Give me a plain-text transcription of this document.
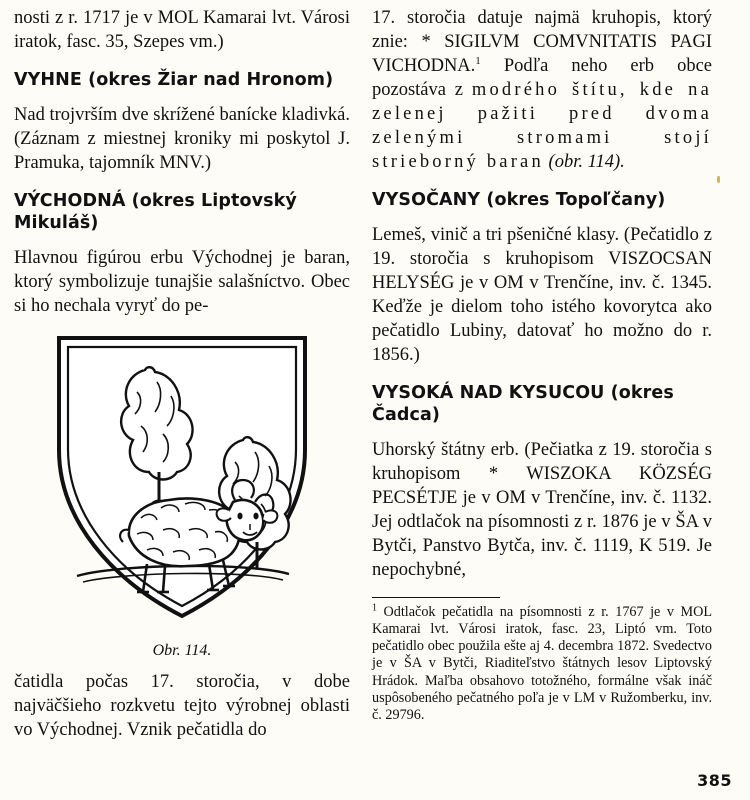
nosti z r. 1717 je v MOL Kamarai lvt. Városi iratok, fasc. 35, Szepes vm.)

VYHNE (okres Žiar nad Hronom)

Nad trojvrším dve skrížené banícke kladivká. (Záznam z miestnej kroniky mi poskytol J. Pramuka, tajomník MNV.)

VÝCHODNÁ (okres Liptovský Mikuláš)

Hlavnou figúrou erbu Východnej je baran, ktorý symbolizuje tunajšie salašníctvo. Obec si ho nechala vyryť do pe-

Obr. 114.

čatidla počas 17. storočia, v dobe najväčšieho rozkvetu tejto výrobnej oblasti vo Východnej. Vznik pečatidla do

17. storočia datuje najmä kruhopis, ktorý znie: * SIGILVM COMVNITATIS PAGI VICHODNA.$^1$ Podľa neho erb obce pozostáva z modrého štítu, kde na zelenej pažiti pred dvoma zelenými stromami stojí strieborný baran (obr. 114).

VYSOČANY (okres Topoľčany)

Lemeš, vinič a tri pšeničné klasy. (Pečatidlo z 19. storočia s kruhopisom VISZOCSAN HELYSÉG je v OM v Trenčíne, inv. č. 1345. Keďže je dielom toho istého kovorytca ako pečatidlo Lubiny, datovať ho možno do r. 1856.)

VYSOKÁ NAD KYSUCOU (okres Čadca)

Uhorský štátny erb. (Pečiatka z 19. storočia s kruhopisom * WISZOKA KÖZSÉG PECSÉTJE je v OM v Trenčíne, inv. č. 1132. Jej odtlačok na písomnosti z r. 1876 je v ŠA v Bytči, Panstvo Bytča, inv. č. 1119, K 519. Je nepochybné,

$^1$ Odtlačok pečatidla na písomnosti z r. 1767 je v MOL Kamarai lvt. Városi iratok, fasc. 23, Liptó vm. Toto pečatidlo obec použila ešte aj 4. decembra 1872. Svedectvo je v ŠA v Bytči, Riaditeľstvo štátnych lesov Liptovský Hrádok. Maľba obsahovo totožného, formálne však ináč uspôsobeného pečatného poľa je v LM v Ružomberku, inv. č. 29796.

385
